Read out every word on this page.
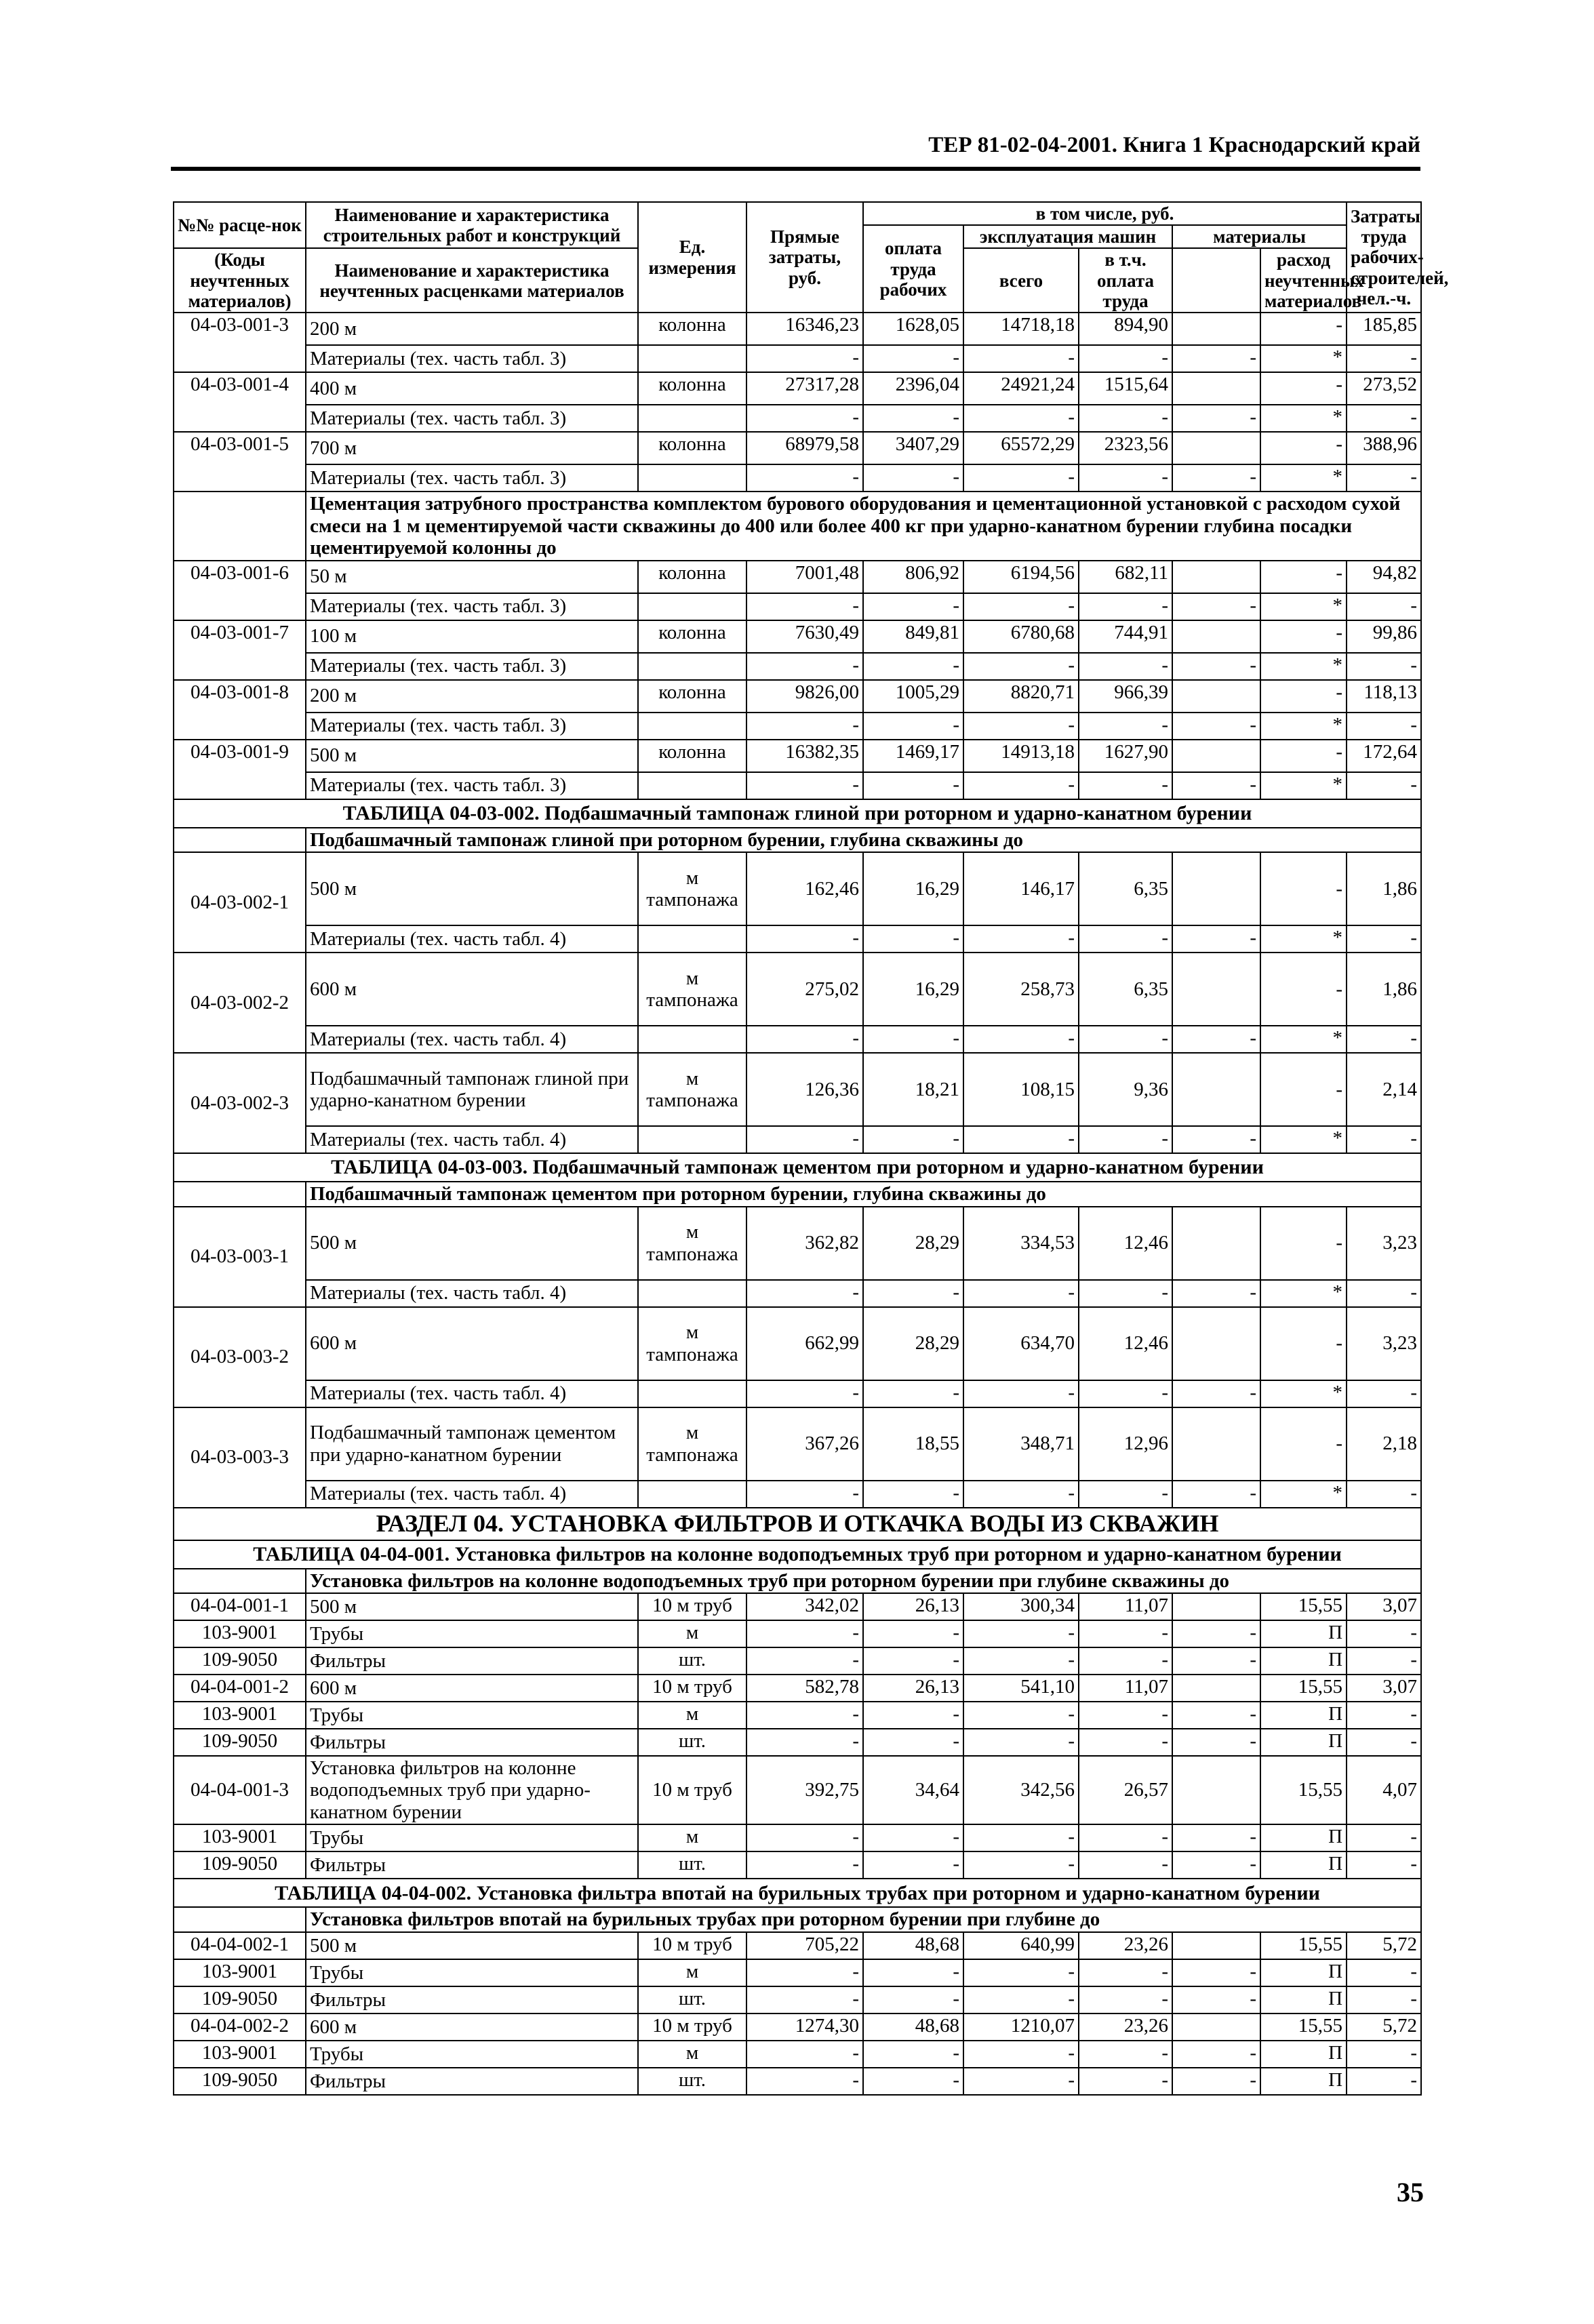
ТЕР 81-02-04-2001. Книга 1 Краснодарский край
№№ расце-нок	Наименование и характеристика строительных работ и конструкций	Ед. измерения	Прямые затраты, руб.	в том числе, руб.					Затраты труда рабочих-строителей, чел.-ч.
				оплата труда рабочих	эксплуатация машин		материалы		
(Коды неучтенных материалов)	Наименование и характеристика неучтенных расценками материалов				всего	в т.ч. оплата труда		расход неучтенных материалов	

04-03-001-3	200 м	колонна	16346,23	1628,05	14718,18	894,90		-	185,85
	Материалы (тех. часть табл. 3)		-	-	-	-	-	*	-
04-03-001-4	400 м	колонна	27317,28	2396,04	24921,24	1515,64		-	273,52
	Материалы (тех. часть табл. 3)		-	-	-	-	-	*	-
04-03-001-5	700 м	колонна	68979,58	3407,29	65572,29	2323,56		-	388,96
	Материалы (тех. часть табл. 3)		-	-	-	-	-	*	-
	Цементация затрубного пространства комплектом бурового оборудования и цементационной установкой с расходом сухой смеси на 1 м цементируемой части скважины до 400 или более 400 кг при ударно-канатном бурении глубина посадки цементируемой колонны до								
04-03-001-6	50 м	колонна	7001,48	806,92	6194,56	682,11		-	94,82
	Материалы (тех. часть табл. 3)		-	-	-	-	-	*	-
04-03-001-7	100 м	колонна	7630,49	849,81	6780,68	744,91		-	99,86
	Материалы (тех. часть табл. 3)		-	-	-	-	-	*	-
04-03-001-8	200 м	колонна	9826,00	1005,29	8820,71	966,39		-	118,13
	Материалы (тех. часть табл. 3)		-	-	-	-	-	*	-
04-03-001-9	500 м	колонна	16382,35	1469,17	14913,18	1627,90		-	172,64
	Материалы (тех. часть табл. 3)		-	-	-	-	-	*	-
ТАБЛИЦА 04-03-002. Подбашмачный тампонаж глиной при роторном и ударно-канатном бурении									
	Подбашмачный тампонаж глиной при роторном бурении, глубина скважины до								
04-03-002-1	500 м	м тампонажа	162,46	16,29	146,17	6,35		-	1,86
	Материалы (тех. часть табл. 4)		-	-	-	-	-	*	-
04-03-002-2	600 м	м тампонажа	275,02	16,29	258,73	6,35		-	1,86
	Материалы (тех. часть табл. 4)		-	-	-	-	-	*	-
04-03-002-3	Подбашмачный тампонаж глиной при ударно-канатном бурении	м тампонажа	126,36	18,21	108,15	9,36		-	2,14
	Материалы (тех. часть табл. 4)		-	-	-	-	-	*	-
ТАБЛИЦА 04-03-003. Подбашмачный тампонаж цементом при роторном и ударно-канатном бурении									
	Подбашмачный тампонаж цементом при роторном бурении, глубина скважины до								
04-03-003-1	500 м	м тампонажа	362,82	28,29	334,53	12,46		-	3,23
	Материалы (тех. часть табл. 4)		-	-	-	-	-	*	-
04-03-003-2	600 м	м тампонажа	662,99	28,29	634,70	12,46		-	3,23
	Материалы (тех. часть табл. 4)		-	-	-	-	-	*	-
04-03-003-3	Подбашмачный тампонаж цементом при ударно-канатном бурении	м тампонажа	367,26	18,55	348,71	12,96		-	2,18
	Материалы (тех. часть табл. 4)		-	-	-	-	-	*	-
РАЗДЕЛ 04. УСТАНОВКА ФИЛЬТРОВ И ОТКАЧКА ВОДЫ ИЗ СКВАЖИН									
ТАБЛИЦА 04-04-001. Установка фильтров на колонне водоподъемных труб при роторном и ударно-канатном бурении									
	Установка фильтров на колонне водоподъемных труб при роторном бурении при глубине скважины до								
04-04-001-1	500 м	10 м труб	342,02	26,13	300,34	11,07		15,55	3,07
103-9001	Трубы	м	-	-	-	-	-	П	-
109-9050	Фильтры	шт.	-	-	-	-	-	П	-
04-04-001-2	600 м	10 м труб	582,78	26,13	541,10	11,07		15,55	3,07
103-9001	Трубы	м	-	-	-	-	-	П	-
109-9050	Фильтры	шт.	-	-	-	-	-	П	-
04-04-001-3	Установка фильтров на колонне водоподъемных труб при ударно-канатном бурении	10 м труб	392,75	34,64	342,56	26,57		15,55	4,07
103-9001	Трубы	м	-	-	-	-	-	П	-
109-9050	Фильтры	шт.	-	-	-	-	-	П	-
ТАБЛИЦА 04-04-002. Установка фильтра впотай на бурильных трубах при роторном и ударно-канатном бурении									
	Установка фильтров впотай на бурильных трубах при роторном бурении при глубине до								
04-04-002-1	500 м	10 м труб	705,22	48,68	640,99	23,26		15,55	5,72
103-9001	Трубы	м	-	-	-	-	-	П	-
109-9050	Фильтры	шт.	-	-	-	-	-	П	-
04-04-002-2	600 м	10 м труб	1274,30	48,68	1210,07	23,26		15,55	5,72
103-9001	Трубы	м	-	-	-	-	-	П	-
109-9050	Фильтры	шт.	-	-	-	-	-	П	-
35
